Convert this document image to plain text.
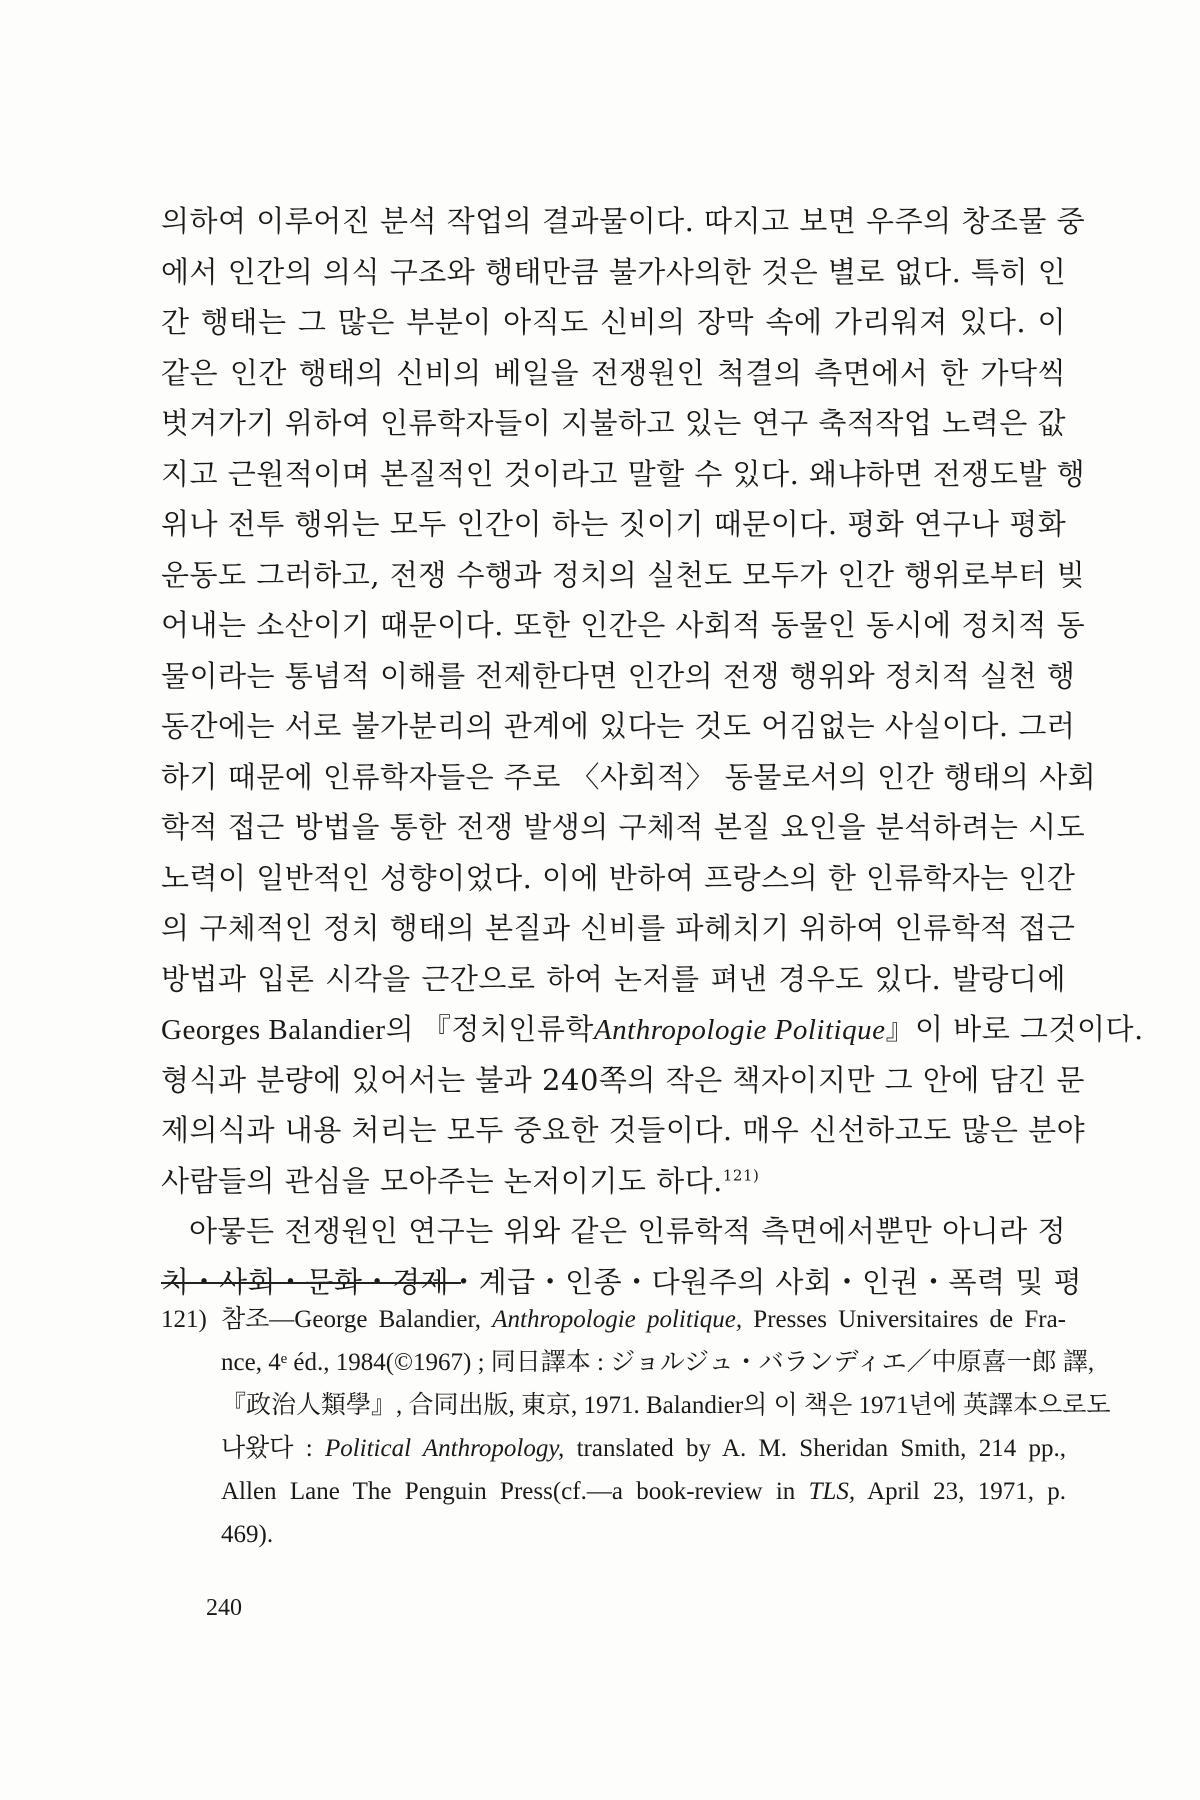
의하여 이루어진 분석 작업의 결과물이다. 따지고 보면 우주의 창조물 중
에서 인간의 의식 구조와 행태만큼 불가사의한 것은 별로 없다. 특히 인
간 행태는 그 많은 부분이 아직도 신비의 장막 속에 가리워져 있다. 이
같은 인간 행태의 신비의 베일을 전쟁원인 척결의 측면에서 한 가닥씩
벗겨가기 위하여 인류학자들이 지불하고 있는 연구 축적작업 노력은 값
지고 근원적이며 본질적인 것이라고 말할 수 있다. 왜냐하면 전쟁도발 행
위나 전투 행위는 모두 인간이 하는 짓이기 때문이다. 평화 연구나 평화
운동도 그러하고, 전쟁 수행과 정치의 실천도 모두가 인간 행위로부터 빚
어내는 소산이기 때문이다. 또한 인간은 사회적 동물인 동시에 정치적 동
물이라는 통념적 이해를 전제한다면 인간의 전쟁 행위와 정치적 실천 행
동간에는 서로 불가분리의 관계에 있다는 것도 어김없는 사실이다. 그러
하기 때문에 인류학자들은 주로 〈사회적〉 동물로서의 인간 행태의 사회
학적 접근 방법을 통한 전쟁 발생의 구체적 본질 요인을 분석하려는 시도
노력이 일반적인 성향이었다. 이에 반하여 프랑스의 한 인류학자는 인간
의 구체적인 정치 행태의 본질과 신비를 파헤치기 위하여 인류학적 접근
방법과 입론 시각을 근간으로 하여 논저를 펴낸 경우도 있다. 발랑디에
Georges Balandier의 『정치인류학Anthropologie Politique』이 바로 그것이다.
형식과 분량에 있어서는 불과 240쪽의 작은 책자이지만 그 안에 담긴 문
제의식과 내용 처리는 모두 중요한 것들이다. 매우 신선하고도 많은 분야
사람들의 관심을 모아주는 논저이기도 하다.$^{121)}$
아뭏든 전쟁원인 연구는 위와 같은 인류학적 측면에서뿐만 아니라 정
치・사회・문화・경제・계급・인종・다원주의 사회・인권・폭력 및 평
121) 참조—George Balandier, Anthropologie politique, Presses Universitaires de Fra-
nce, 4ᵉ éd., 1984(©1967) ; 同日譯本 : ジョルジュ・バランディエ／中原喜一郎 譯,
『政治人類學』, 合同出版, 東京, 1971. Balandier의 이 책은 1971년에 英譯本으로도
나왔다 : Political Anthropology, translated by A. M. Sheridan Smith, 214 pp.,
Allen Lane The Penguin Press(cf.—a book-review in TLS, April 23, 1971, p.
469).
240
